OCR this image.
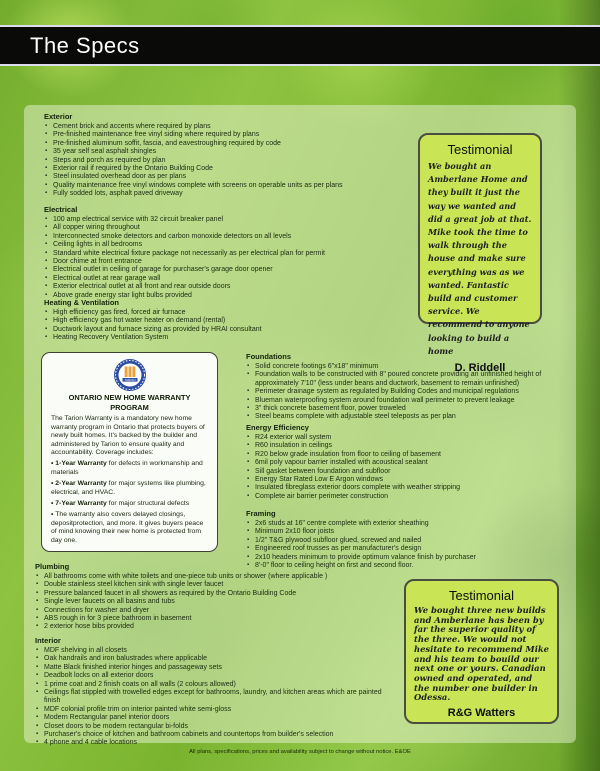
The Specs
Exterior
▪ Cement brick and accents where required by plans
▪ Pre-finished maintenance free vinyl siding where required by plans
▪ Pre-finished aluminum soffit, fascia, and eavestroughing required by code
▪ 35 year self seal asphalt shingles
▪ Steps and porch as required by plan
▪ Exterior rail if required by the Ontario Building Code
▪ Steel insulated overhead door as per plans
▪ Quality maintenance free vinyl windows complete with screens on operable units as per plans
▪ Fully sodded lots, asphalt paved driveway
Electrical
▪ 100 amp electrical service with 32 circuit breaker panel
▪ All copper wiring throughout
▪ Interconnected smoke detectors and carbon monoxide detectors on all levels
▪ Ceiling lights in all bedrooms
▪ Standard white electrical fixture package not necessarily as per electrical plan for permit
▪ Door chime at front entrance
▪ Electrical outlet in ceiling of garage for purchaser's garage door opener
▪ Electrical outlet at rear garage wall
▪ Exterior electrical outlet at all front and rear outside doors
▪ Above grade energy star light bulbs provided
Heating & Ventilation
▪ High efficiency gas fired, forced air furnace
▪ High efficiency gas hot water heater on demand (rental)
▪ Ductwork layout and furnace sizing as provided by HRAI consultant
▪ Heating Recovery Ventilation System
TARION
ONTARIO NEW HOME WARRANTY PROGRAM

The Tarion Warranty is a mandatory new home warranty program in Ontario that protects buyers of newly built homes. It's backed by the builder and administered by Tarion to ensure quality and accountability. Coverage includes:

• 1-Year Warranty for defects in workmanship and materials
• 2-Year Warranty for major systems like plumbing, electrical, and HVAC.
• 7-Year Warranty for major structural defects
• The warranty also covers delayed closings, depositprotection, and more. It gives buyers peace of mind knowing their new home is protected from day one.
Foundations
▪ Solid concrete footings 6"x18" minimum
▪ Foundation walls to be constructed with 8" poured concrete providing an unfinished height of approximately 7'10" (less under beans and ductwork, basement to remain unfinished)
▪ Perimeter drainage system as regulated by Building Codes and municipal regulations
▪ Blueman waterproofing system around foundation wall perimeter to prevent leakage
▪ 3" thick concrete basement floor, power troweled
▪ Steel beams complete with adjustable steel teleposts as per plan
Energy Efficiency
▪ R24 exterior wall system
▪ R60 insulation in ceilings
▪ R20 below grade insulation from floor to ceiling of basement
▪ 6mil poly vapour barrier installed with acoustical sealant
▪ Sill gasket between foundation and subfloor
▪ Energy Star Rated Low E Argon windows
▪ Insulated fibreglass exterior doors complete with weather stripping
▪ Complete air barrier perimeter construction
Framing
▪ 2x6 studs at 16" centre complete with exterior sheathing
▪ Minimum 2x10 floor joists
▪ 1/2" T&G plywood subfloor glued, screwed and nailed
▪ Engineered roof trusses as per manufacturer's design
▪ 2x10 headers minimum to provide optimum valance finish by purchaser
▪ 8'-0" floor to ceiling height on first and second floor.
Plumbing
▪ All bathrooms come with white toilets and one-piece tub units or shower (where applicable )
▪ Double stainless steel kitchen sink with single lever faucet
▪ Pressure balanced faucet in all showers as required by the Ontario Building Code
▪ Single lever faucets on all basins and tubs
▪ Connections for washer and dryer
▪ ABS rough in for 3 piece bathroom in basement
▪ 2 exterior hose bibs provided
Interior
▪ MDF shelving in all closets
▪ Oak handrails and iron balustrades where applicable
▪ Matte Black finished interior hinges and passageway sets
▪ Deadbolt locks on all exterior doors
▪ 1 prime coat and 2 finish coats on all walls (2 colours allowed)
▪ Ceilings flat stippled with trowelled edges except for bathrooms, laundry, and kitchen areas which are painted finish
▪ MDF colonial profile trim on interior painted white semi-gloss
▪ Modern Rectangular panel interior doors
▪ Closet doors to be modern rectangular bi-folds
▪ Purchaser's choice of kitchen and bathroom cabinets and countertops from builder's selection
▪ 4 phone and 4 cable locations
Testimonial
We bought an Amberlane Home and they built it just the way we wanted and did a great job at that. Mike took the time to walk through the house and make sure everything was as we wanted. Fantastic build and customer service. We recommend to anyone looking to build a home
D. Riddell
Testimonial
We bought three new builds and Amberlane has been by far the superior quality of the three. We would not hesitate to recommend Mike and his team to bouild our next one or yours. Canadian owned and operated, and the number one builder in Odessa.
R&G Watters
All plans, specifications, prices and availability subject to change without notice. E&OE
